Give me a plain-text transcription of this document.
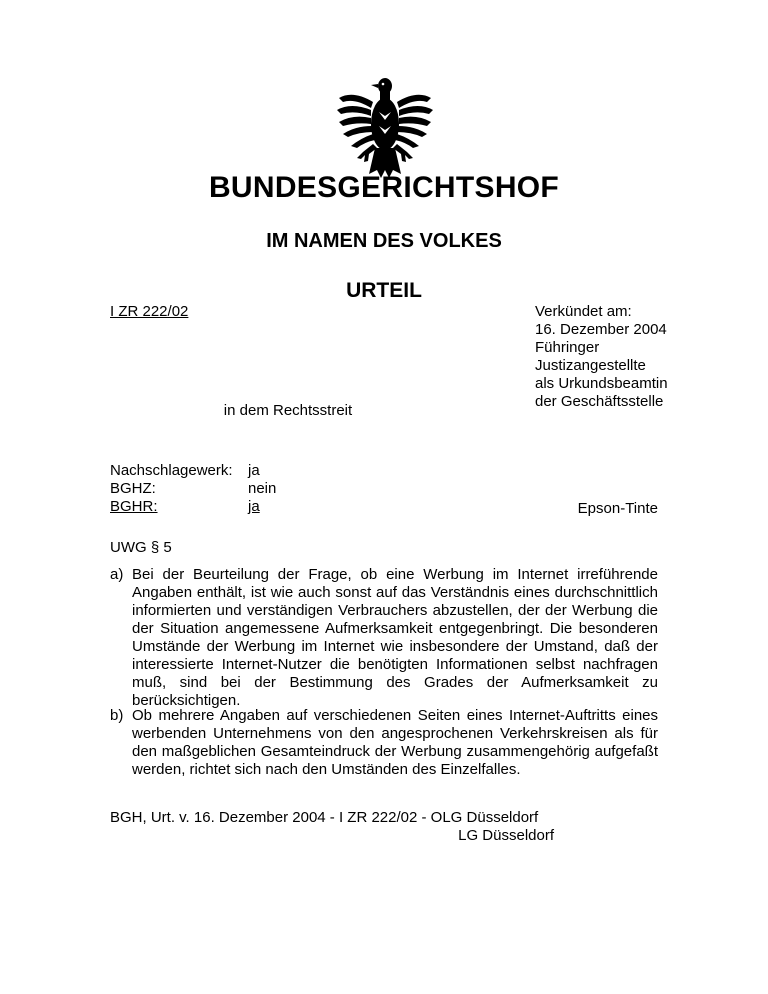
BUNDESGERICHTSHOF
IM NAMEN DES VOLKES
URTEIL
I ZR 222/02	Verkündet am:
16. Dezember 2004
Führinger
Justizangestellte
als Urkundsbeamtin
der Geschäftsstelle
in dem Rechtsstreit
Nachschlagewerk:	ja
BGHZ:	nein
BGHR:	ja	Epson-Tinte
UWG § 5
a) Bei der Beurteilung der Frage, ob eine Werbung im Internet irreführende Angaben enthält, ist wie auch sonst auf das Verständnis eines durchschnittlich informierten und verständigen Verbrauchers abzustellen, der der Werbung die der Situation angemessene Aufmerksamkeit entgegenbringt. Die besonderen Umstände der Werbung im Internet wie insbesondere der Umstand, daß der interessierte Internet-Nutzer die benötigten Informationen selbst nachfragen muß, sind bei der Bestimmung des Grades der Aufmerksamkeit zu berücksichtigen.
b) Ob mehrere Angaben auf verschiedenen Seiten eines Internet-Auftritts eines werbenden Unternehmens von den angesprochenen Verkehrskreisen als für den maßgeblichen Gesamteindruck der Werbung zusammengehörig aufgefaßt werden, richtet sich nach den Umständen des Einzelfalles.
BGH, Urt. v. 16. Dezember 2004 - I ZR 222/02 - OLG Düsseldorf
LG Düsseldorf
